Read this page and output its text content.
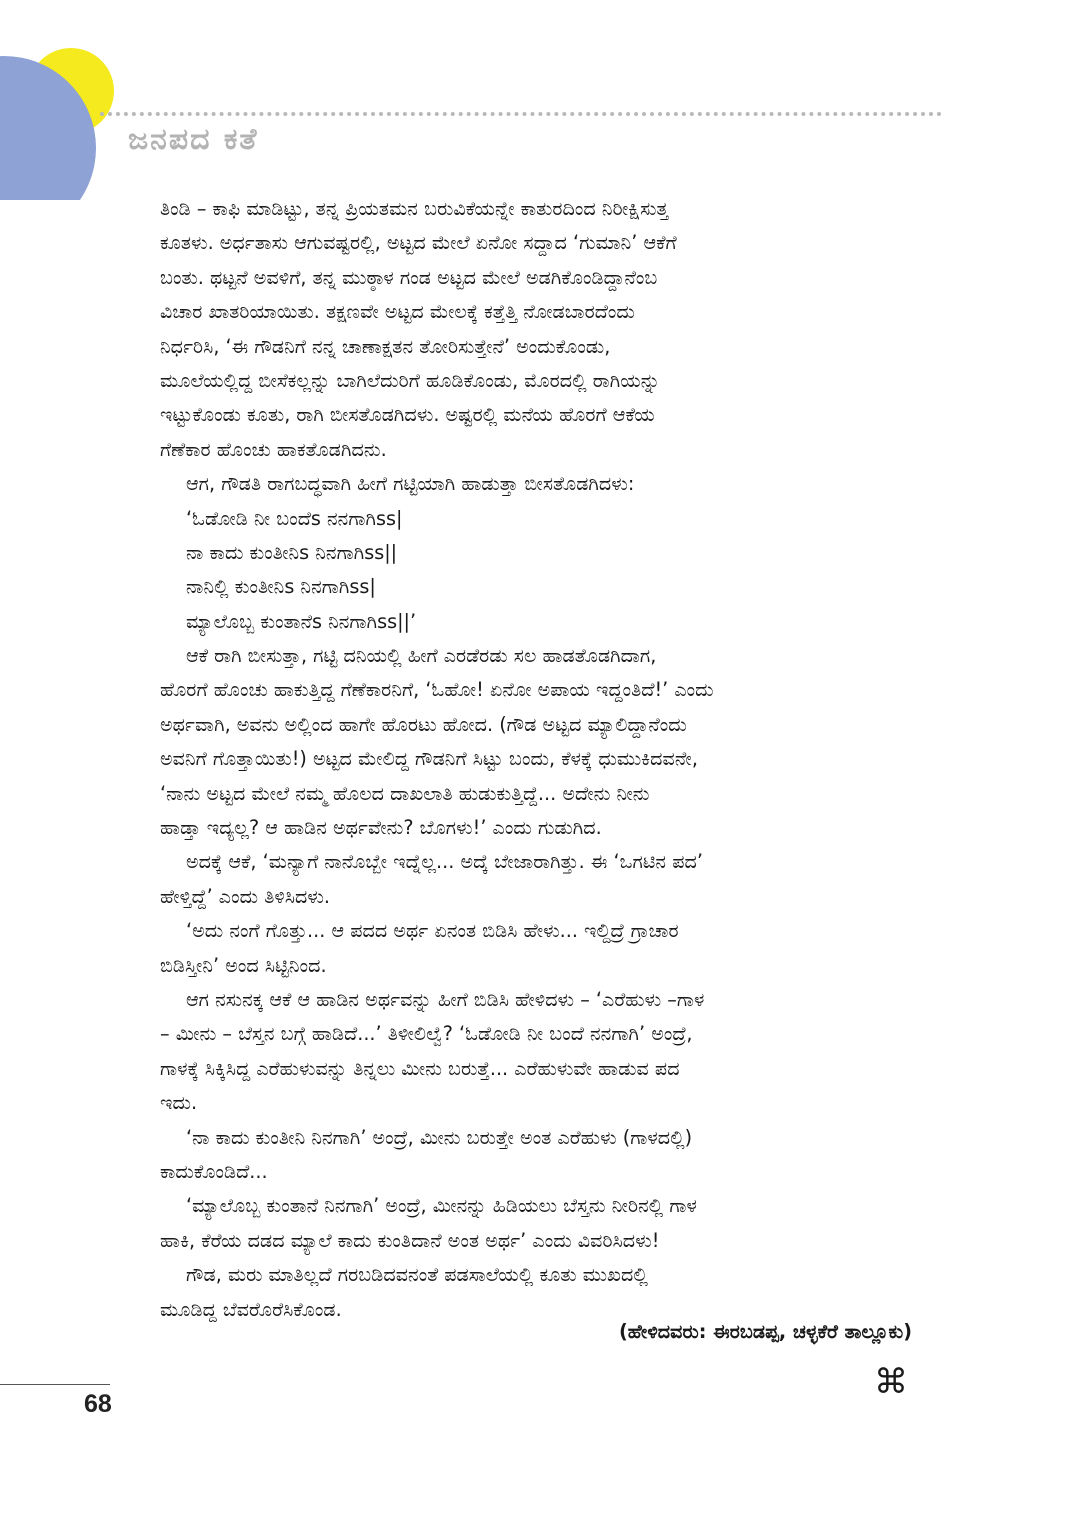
ಜನಪದ ಕತೆ
ತಿಂಡಿ – ಕಾಫಿ ಮಾಡಿಟ್ಟು, ತನ್ನ ಪ್ರಿಯತಮನ ಬರುವಿಕೆಯನ್ನೇ ಕಾತುರದಿಂದ ನಿರೀಕ್ಷಿಸುತ್ತ
ಕೂತಳು. ಅರ್ಧತಾಸು ಆಗುವಷ್ಟರಲ್ಲಿ, ಅಟ್ಟದ ಮೇಲೆ ಏನೋ ಸದ್ದಾದ ‘ಗುಮಾನಿ’ ಆಕೆಗೆ
ಬಂತು. ಥಟ್ಟನೆ ಅವಳಿಗೆ, ತನ್ನ ಮುಠ್ಠಾಳ ಗಂಡ ಅಟ್ಟದ ಮೇಲೆ ಅಡಗಿಕೊಂಡಿದ್ದಾನೆಂಬ
ವಿಚಾರ ಖಾತರಿಯಾಯಿತು. ತಕ್ಷಣವೇ ಅಟ್ಟದ ಮೇಲಕ್ಕೆ ಕತ್ತೆತ್ತಿ ನೋಡಬಾರದೆಂದು
ನಿರ್ಧರಿಸಿ, ‘ಈ ಗೌಡನಿಗೆ ನನ್ನ ಚಾಣಾಕ್ಷತನ ತೋರಿಸುತ್ತೇನೆ’ ಅಂದುಕೊಂಡು,
ಮೂಲೆಯಲ್ಲಿದ್ದ ಬೀಸೆಕಲ್ಲನ್ನು ಬಾಗಿಲೆದುರಿಗೆ ಹೂಡಿಕೊಂಡು, ಮೊರದಲ್ಲಿ ರಾಗಿಯನ್ನು
ಇಟ್ಟುಕೊಂಡು ಕೂತು, ರಾಗಿ ಬೀಸತೊಡಗಿದಳು. ಅಷ್ಟರಲ್ಲಿ ಮನೆಯ ಹೊರಗೆ ಆಕೆಯ
ಗೆಣೆಕಾರ ಹೊಂಚು ಹಾಕತೊಡಗಿದನು.
ಆಗ, ಗೌಡತಿ ರಾಗಬದ್ಧವಾಗಿ ಹೀಗೆ ಗಟ್ಟಿಯಾಗಿ ಹಾಡುತ್ತಾ ಬೀಸತೊಡಗಿದಳು:
‘ಓಡೋಡಿ ನೀ ಬಂದೆs ನನಗಾಗಿss|
ನಾ ಕಾದು ಕುಂತೀನಿs ನಿನಗಾಗಿss||
ನಾನಿಲ್ಲಿ ಕುಂತೀನಿs ನಿನಗಾಗಿss|
ಮ್ಯಾಲೊಬ್ಬ ಕುಂತಾನೆs ನಿನಗಾಗಿss||’
ಆಕೆ ರಾಗಿ ಬೀಸುತ್ತಾ, ಗಟ್ಟಿ ದನಿಯಲ್ಲಿ ಹೀಗೆ ಎರಡೆರಡು ಸಲ ಹಾಡತೊಡಗಿದಾಗ,
ಹೊರಗೆ ಹೊಂಚು ಹಾಕುತ್ತಿದ್ದ ಗೆಣೆಕಾರನಿಗೆ, ‘ಓಹೋ! ಏನೋ ಅಪಾಯ ಇದ್ದಂತಿದೆ!’ ಎಂದು
ಅರ್ಥವಾಗಿ, ಅವನು ಅಲ್ಲಿಂದ ಹಾಗೇ ಹೊರಟು ಹೋದ. (ಗೌಡ ಅಟ್ಟದ ಮ್ಯಾಲಿದ್ದಾನೆಂದು
ಅವನಿಗೆ ಗೊತ್ತಾಯಿತು!) ಅಟ್ಟದ ಮೇಲಿದ್ದ ಗೌಡನಿಗೆ ಸಿಟ್ಟು ಬಂದು, ಕೆಳಕ್ಕೆ ಧುಮುಕಿದವನೇ,
‘ನಾನು ಅಟ್ಟದ ಮೇಲೆ ನಮ್ಮ ಹೊಲದ ದಾಖಲಾತಿ ಹುಡುಕುತ್ತಿದ್ದೆ... ಅದೇನು ನೀನು
ಹಾಡ್ತಾ ಇದ್ಯಲ್ಲ? ಆ ಹಾಡಿನ ಅರ್ಥವೇನು? ಬೊಗಳು!’ ಎಂದು ಗುಡುಗಿದ.
ಅದಕ್ಕೆ ಆಕೆ, ‘ಮನ್ಯಾಗೆ ನಾನೊಬ್ಬೇ ಇದ್ನೆಲ್ಲ... ಅದ್ಕೆ ಬೇಜಾರಾಗಿತ್ತು. ಈ ‘ಒಗಟಿನ ಪದ’
ಹೇಳ್ತಿದ್ದೆ’ ಎಂದು ತಿಳಿಸಿದಳು.
‘ಅದು ನಂಗೆ ಗೊತ್ತು... ಆ ಪದದ ಅರ್ಥ ಏನಂತ ಬಿಡಿಸಿ ಹೇಳು... ಇಲ್ದಿದ್ರೆ ಗ್ರಾಚಾರ
ಬಿಡಿಸ್ತೀನಿ’ ಅಂದ ಸಿಟ್ಟಿನಿಂದ.
ಆಗ ನಸುನಕ್ಕ ಆಕೆ ಆ ಹಾಡಿನ ಅರ್ಥವನ್ನು ಹೀಗೆ ಬಿಡಿಸಿ ಹೇಳಿದಳು – ‘ಎರೆಹುಳು –ಗಾಳ
– ಮೀನು – ಬೆಸ್ತನ ಬಗ್ಗೆ ಹಾಡಿದೆ...’ ತಿಳೀಲಿಲ್ವೆ? ‘ಓಡೋಡಿ ನೀ ಬಂದೆ ನನಗಾಗಿ’ ಅಂದ್ರೆ,
ಗಾಳಕ್ಕೆ ಸಿಕ್ಕಿಸಿದ್ದ ಎರೆಹುಳುವನ್ನು ತಿನ್ನಲು ಮೀನು ಬರುತ್ತೆ... ಎರೆಹುಳುವೇ ಹಾಡುವ ಪದ
ಇದು.
‘ನಾ ಕಾದು ಕುಂತೀನಿ ನಿನಗಾಗಿ’ ಅಂದ್ರೆ, ಮೀನು ಬರುತ್ತೇ ಅಂತ ಎರೆಹುಳು (ಗಾಳದಲ್ಲಿ)
ಕಾದುಕೊಂಡಿದೆ...
‘ಮ್ಯಾಲೊಬ್ಬ ಕುಂತಾನೆ ನಿನಗಾಗಿ’ ಅಂದ್ರೆ, ಮೀನನ್ನು ಹಿಡಿಯಲು ಬೆಸ್ತನು ನೀರಿನಲ್ಲಿ ಗಾಳ
ಹಾಕಿ, ಕೆರೆಯ ದಡದ ಮ್ಯಾಲೆ ಕಾದು ಕುಂತಿದಾನೆ ಅಂತ ಅರ್ಥ’ ಎಂದು ವಿವರಿಸಿದಳು!
ಗೌಡ, ಮರು ಮಾತಿಲ್ಲದೆ ಗರಬಡಿದವನಂತೆ ಪಡಸಾಲೆಯಲ್ಲಿ ಕೂತು ಮುಖದಲ್ಲಿ
ಮೂಡಿದ್ದ ಬೆವರೊರೆಸಿಕೊಂಡ.
(ಹೇಳಿದವರು: ಈರಬಡಪ್ಪ, ಚಳ್ಳಕೆರೆ ತಾಲ್ಲೂಕು)
⌘
68
